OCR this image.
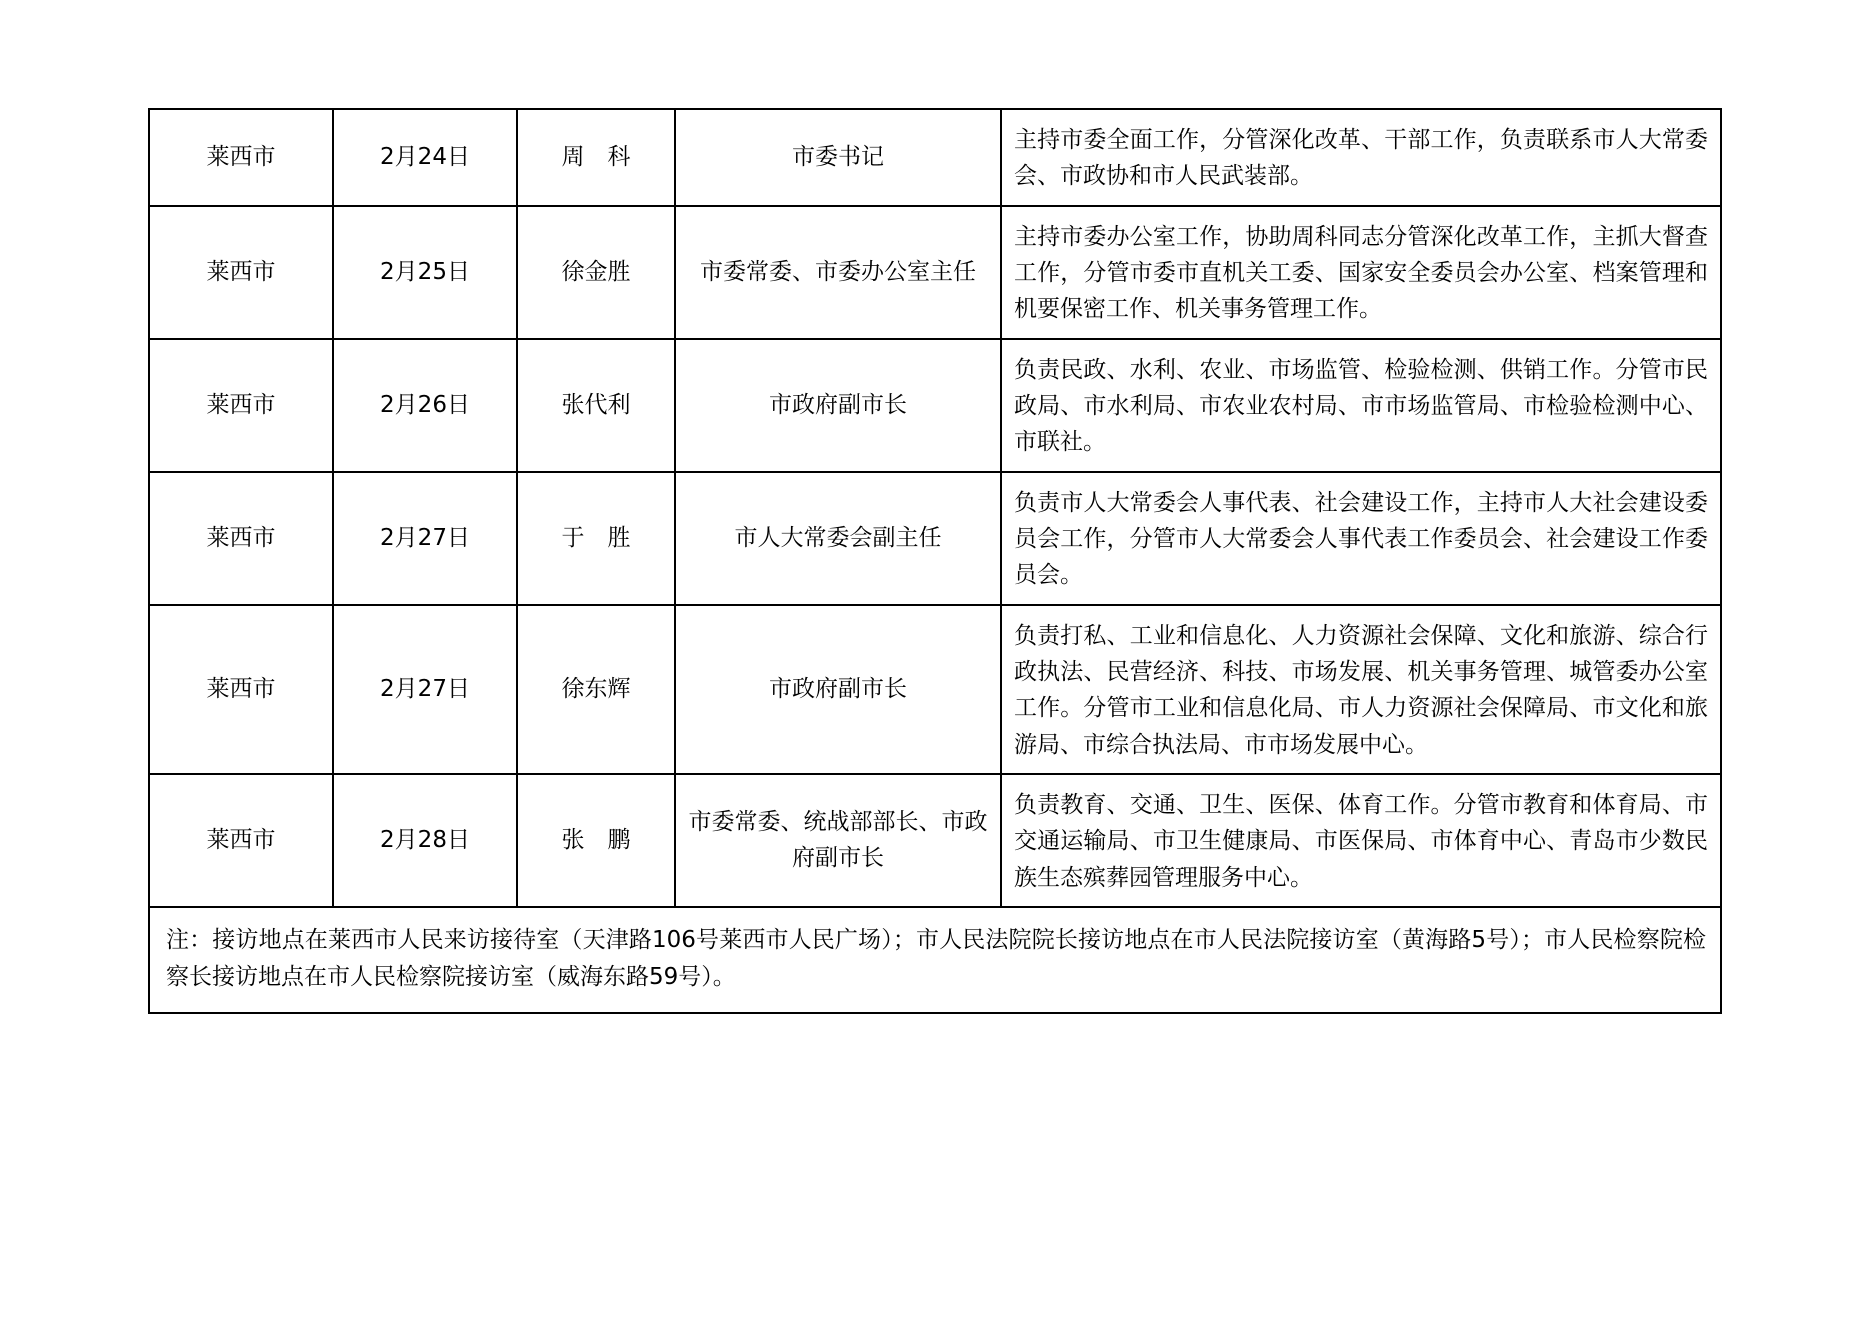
莱西市	2月24日	周　科	市委书记	主持市委全面工作，分管深化改革、干部工作，负责联系市人大常委会、市政协和市人民武装部。
莱西市	2月25日	徐金胜	市委常委、市委办公室主任	主持市委办公室工作，协助周科同志分管深化改革工作，主抓大督查工作，分管市委市直机关工委、国家安全委员会办公室、档案管理和机要保密工作、机关事务管理工作。
莱西市	2月26日	张代利	市政府副市长	负责民政、水利、农业、市场监管、检验检测、供销工作。分管市民政局、市水利局、市农业农村局、市市场监管局、市检验检测中心、市联社。
莱西市	2月27日	于　胜	市人大常委会副主任	负责市人大常委会人事代表、社会建设工作，主持市人大社会建设委员会工作，分管市人大常委会人事代表工作委员会、社会建设工作委员会。
莱西市	2月27日	徐东辉	市政府副市长	负责打私、工业和信息化、人力资源社会保障、文化和旅游、综合行政执法、民营经济、科技、市场发展、机关事务管理、城管委办公室工作。分管市工业和信息化局、市人力资源社会保障局、市文化和旅游局、市综合执法局、市市场发展中心。
莱西市	2月28日	张　鹏	市委常委、统战部部长、市政府副市长	负责教育、交通、卫生、医保、体育工作。分管市教育和体育局、市交通运输局、市卫生健康局、市医保局、市体育中心、青岛市少数民族生态殡葬园管理服务中心。
注：接访地点在莱西市人民来访接待室（天津路106号莱西市人民广场）；市人民法院院长接访地点在市人民法院接访室（黄海路5号）；市人民检察院检察长接访地点在市人民检察院接访室（威海东路59号）。				
